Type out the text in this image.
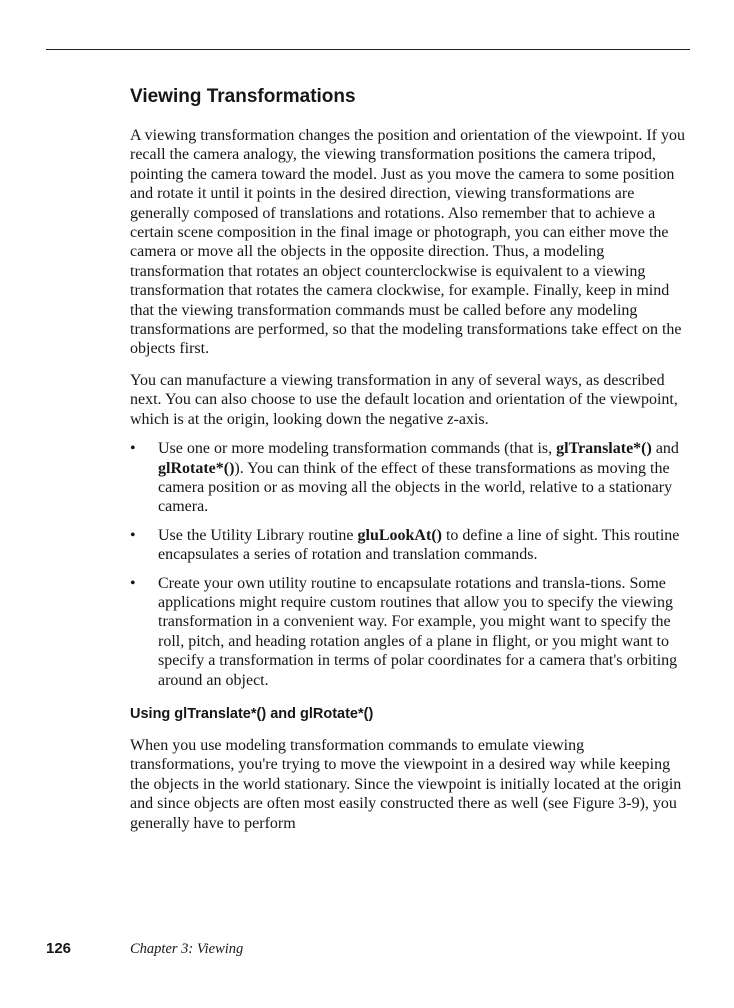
Viewing Transformations

A viewing transformation changes the position and orientation of the viewpoint. If you recall the camera analogy, the viewing transformation positions the camera tripod, pointing the camera toward the model. Just as you move the camera to some position and rotate it until it points in the desired direction, viewing transformations are generally composed of translations and rotations. Also remember that to achieve a certain scene composition in the final image or photograph, you can either move the camera or move all the objects in the opposite direction. Thus, a modeling transformation that rotates an object counterclockwise is equivalent to a viewing transformation that rotates the camera clockwise, for example. Finally, keep in mind that the viewing transformation commands must be called before any modeling transformations are performed, so that the modeling transformations take effect on the objects first.

You can manufacture a viewing transformation in any of several ways, as described next. You can also choose to use the default location and orientation of the viewpoint, which is at the origin, looking down the negative z-axis.

• Use one or more modeling transformation commands (that is, glTranslate*() and glRotate*()). You can think of the effect of these transformations as moving the camera position or as moving all the objects in the world, relative to a stationary camera.
• Use the Utility Library routine gluLookAt() to define a line of sight. This routine encapsulates a series of rotation and translation commands.
• Create your own utility routine to encapsulate rotations and transla-tions. Some applications might require custom routines that allow you to specify the viewing transformation in a convenient way. For example, you might want to specify the roll, pitch, and heading rotation angles of a plane in flight, or you might want to specify a transformation in terms of polar coordinates for a camera that's orbiting around an object.
Using glTranslate*() and glRotate*()

When you use modeling transformation commands to emulate viewing transformations, you're trying to move the viewpoint in a desired way while keeping the objects in the world stationary. Since the viewpoint is initially located at the origin and since objects are often most easily constructed there as well (see Figure 3-9), you generally have to perform

126	Chapter 3: Viewing
